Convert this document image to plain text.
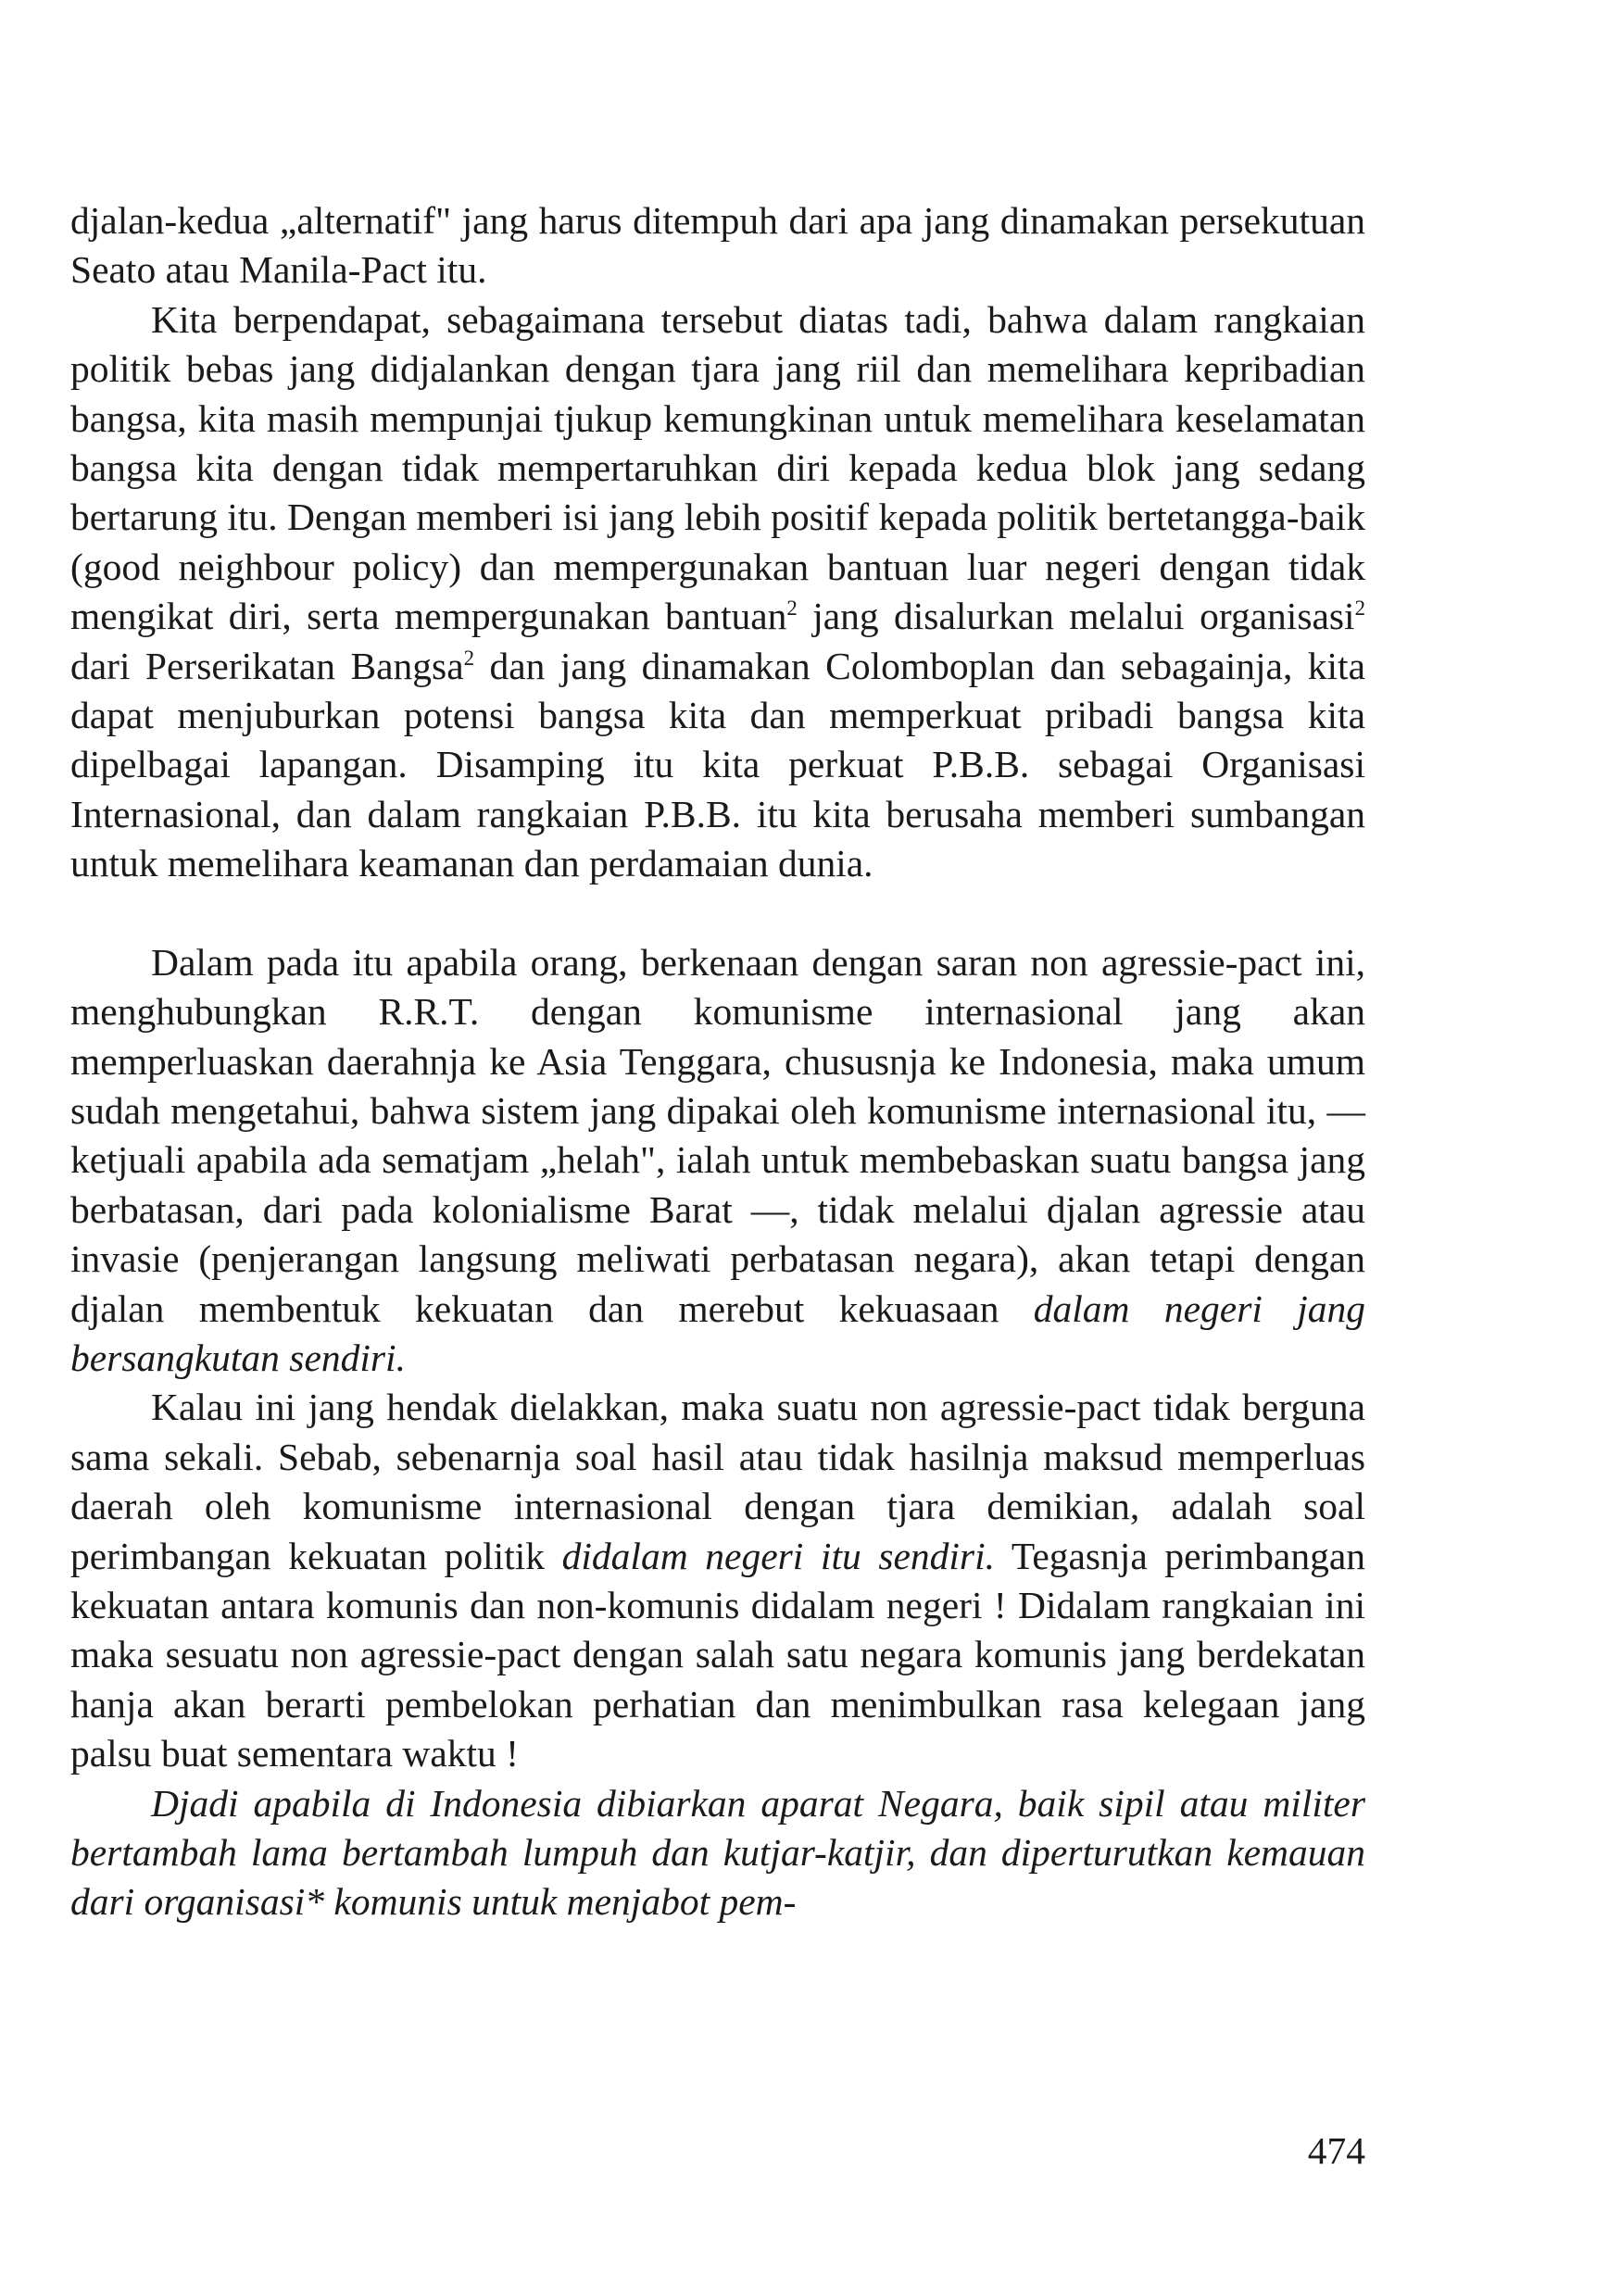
djalan-kedua „alternatif" jang harus ditempuh dari apa jang dinamakan persekutuan Seato atau Manila-Pact itu.

Kita berpendapat, sebagaimana tersebut diatas tadi, bahwa dalam rangkaian politik bebas jang didjalankan dengan tjara jang riil dan memelihara kepribadian bangsa, kita masih mempunjai tjukup kemungkinan untuk memelihara keselamatan bangsa kita dengan tidak mempertaruhkan diri kepada kedua blok jang sedang bertarung itu. Dengan memberi isi jang lebih positif kepada politik bertetangga-baik (good neighbour policy) dan mempergunakan bantuan luar negeri dengan tidak mengikat diri, serta mempergunakan bantuan$^2$ jang disalurkan melalui organisasi$^2$ dari Perserikatan Bangsa$^2$ dan jang dinamakan Colomboplan dan sebagainja, kita dapat menjuburkan potensi bangsa kita dan memperkuat pribadi bangsa kita dipelbagai lapangan. Disamping itu kita perkuat P.B.B. sebagai Organisasi Internasional, dan dalam rangkaian P.B.B. itu kita berusaha memberi sumbangan untuk memelihara keamanan dan perdamaian dunia.

Dalam pada itu apabila orang, berkenaan dengan saran non agressie-pact ini, menghubungkan R.R.T. dengan komunisme internasional jang akan memperluaskan daerahnja ke Asia Tenggara, chususnja ke Indonesia, maka umum sudah mengetahui, bahwa sistem jang dipakai oleh komunisme internasional itu, — ketjuali apabila ada sematjam „helah", ialah untuk membebaskan suatu bangsa jang berbatasan, dari pada kolonialisme Barat —, tidak melalui djalan agressie atau invasie (penjerangan langsung meliwati perbatasan negara), akan tetapi dengan djalan membentuk kekuatan dan merebut kekuasaan dalam negeri jang bersangkutan sendiri.

Kalau ini jang hendak dielakkan, maka suatu non agressie-pact tidak berguna sama sekali. Sebab, sebenarnja soal hasil atau tidak hasilnja maksud memperluas daerah oleh komunisme internasional dengan tjara demikian, adalah soal perimbangan kekuatan politik didalam negeri itu sendiri. Tegasnja perimbangan kekuatan antara komunis dan non-komunis didalam negeri ! Didalam rangkaian ini maka sesuatu non agressie-pact dengan salah satu negara komunis jang berdekatan hanja akan berarti pembelokan perhatian dan menimbulkan rasa kelegaan jang palsu buat sementara waktu !

Djadi apabila di Indonesia dibiarkan aparat Negara, baik sipil atau militer bertambah lama bertambah lumpuh dan kutjar-katjir, dan diperturutkan kemauan dari organisasi* komunis untuk menjabot pem-

474
